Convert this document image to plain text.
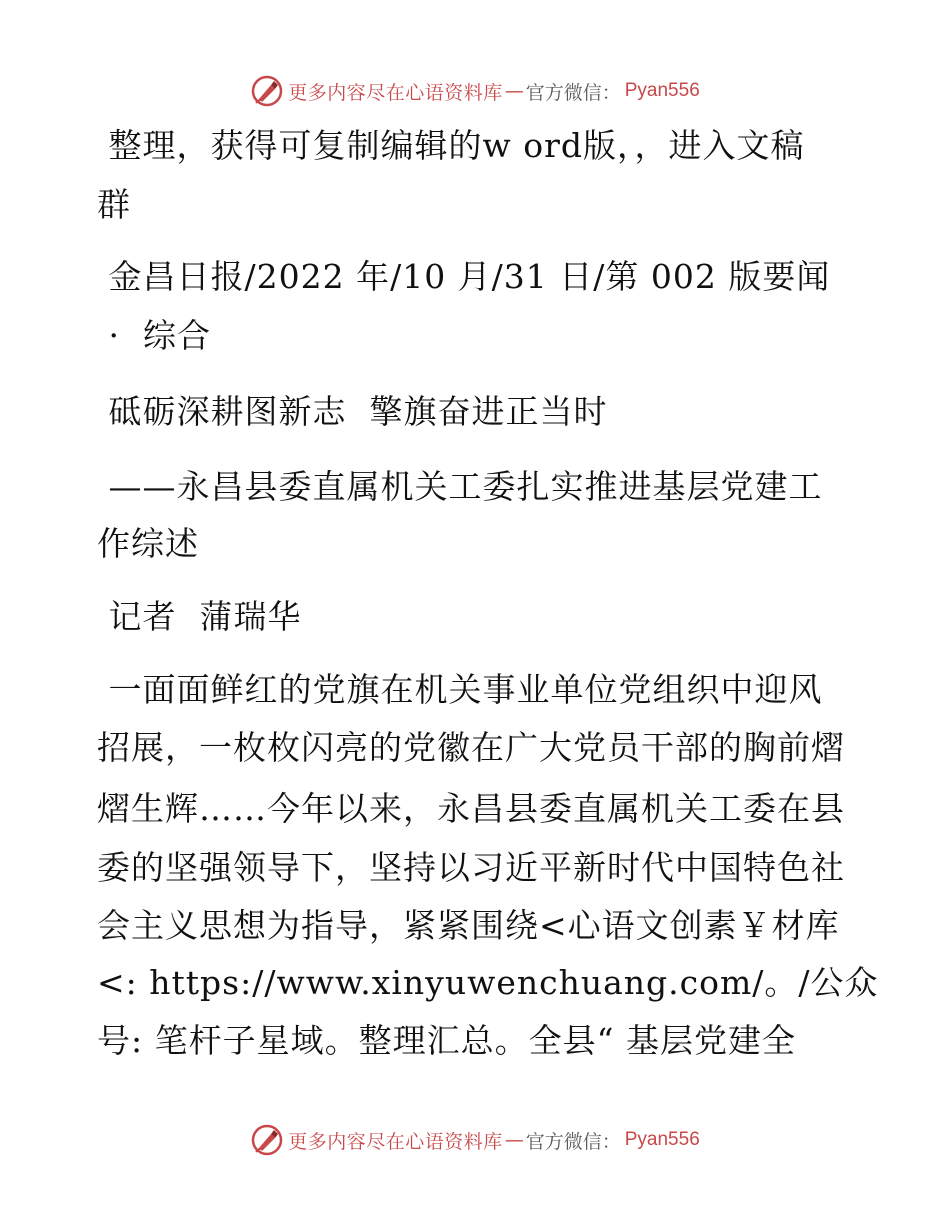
更多内容尽在心语资料库 — 官方微信： Pyan556
整理，获得可复制编辑的w ord版，，进入文稿
群
金昌日报/2022 年/10 月/31 日/第 002 版要闻
·  综合
砥砺深耕图新志  擎旗奋进正当时
——永昌县委直属机关工委扎实推进基层党建工
作综述
记者  蒲瑞华
一面面鲜红的党旗在机关事业单位党组织中迎风
招展，一枚枚闪亮的党徽在广大党员干部的胸前熠
熠生辉……今年以来，永昌县委直属机关工委在县
委的坚强领导下，坚持以习近平新时代中国特色社
会主义思想为指导，紧紧围绕<心语文创素￥材库
<: https://www.xinyuwenchuang.com/。/公众
号: 笔杆子星域。整理汇总。全县“ 基层党建全
更多内容尽在心语资料库 — 官方微信： Pyan556
